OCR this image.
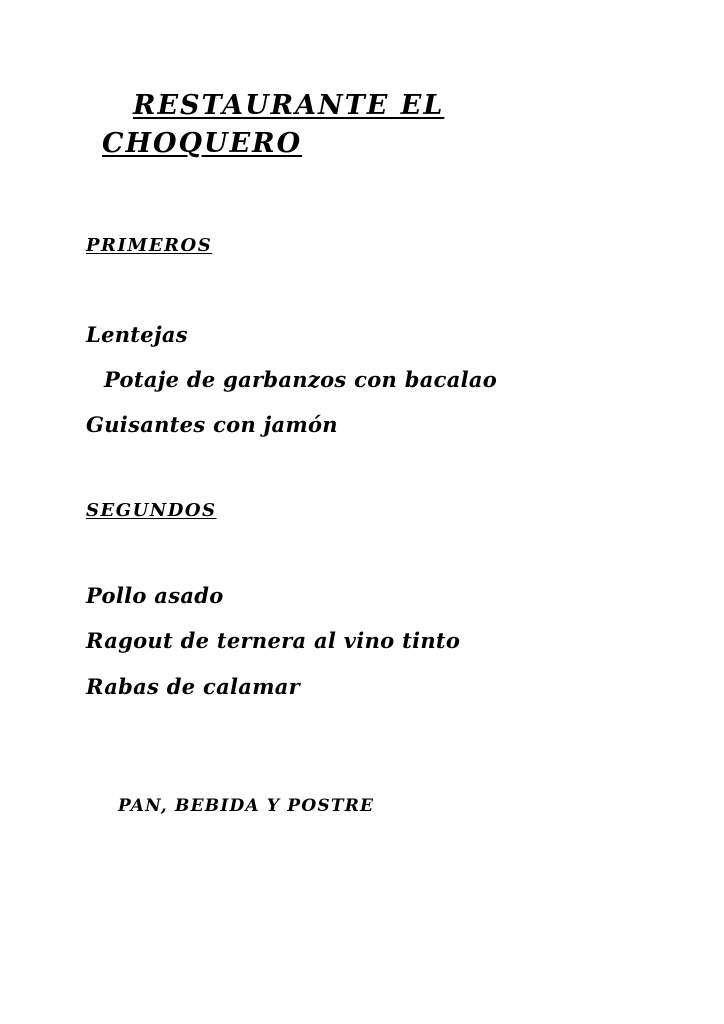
RESTAURANTE EL
CHOQUERO
PRIMEROS
Lentejas
Potaje de garbanzos con bacalao
Guisantes con jamón
SEGUNDOS
Pollo asado
Ragout de ternera al vino tinto
Rabas de calamar
PAN, BEBIDA Y POSTRE
